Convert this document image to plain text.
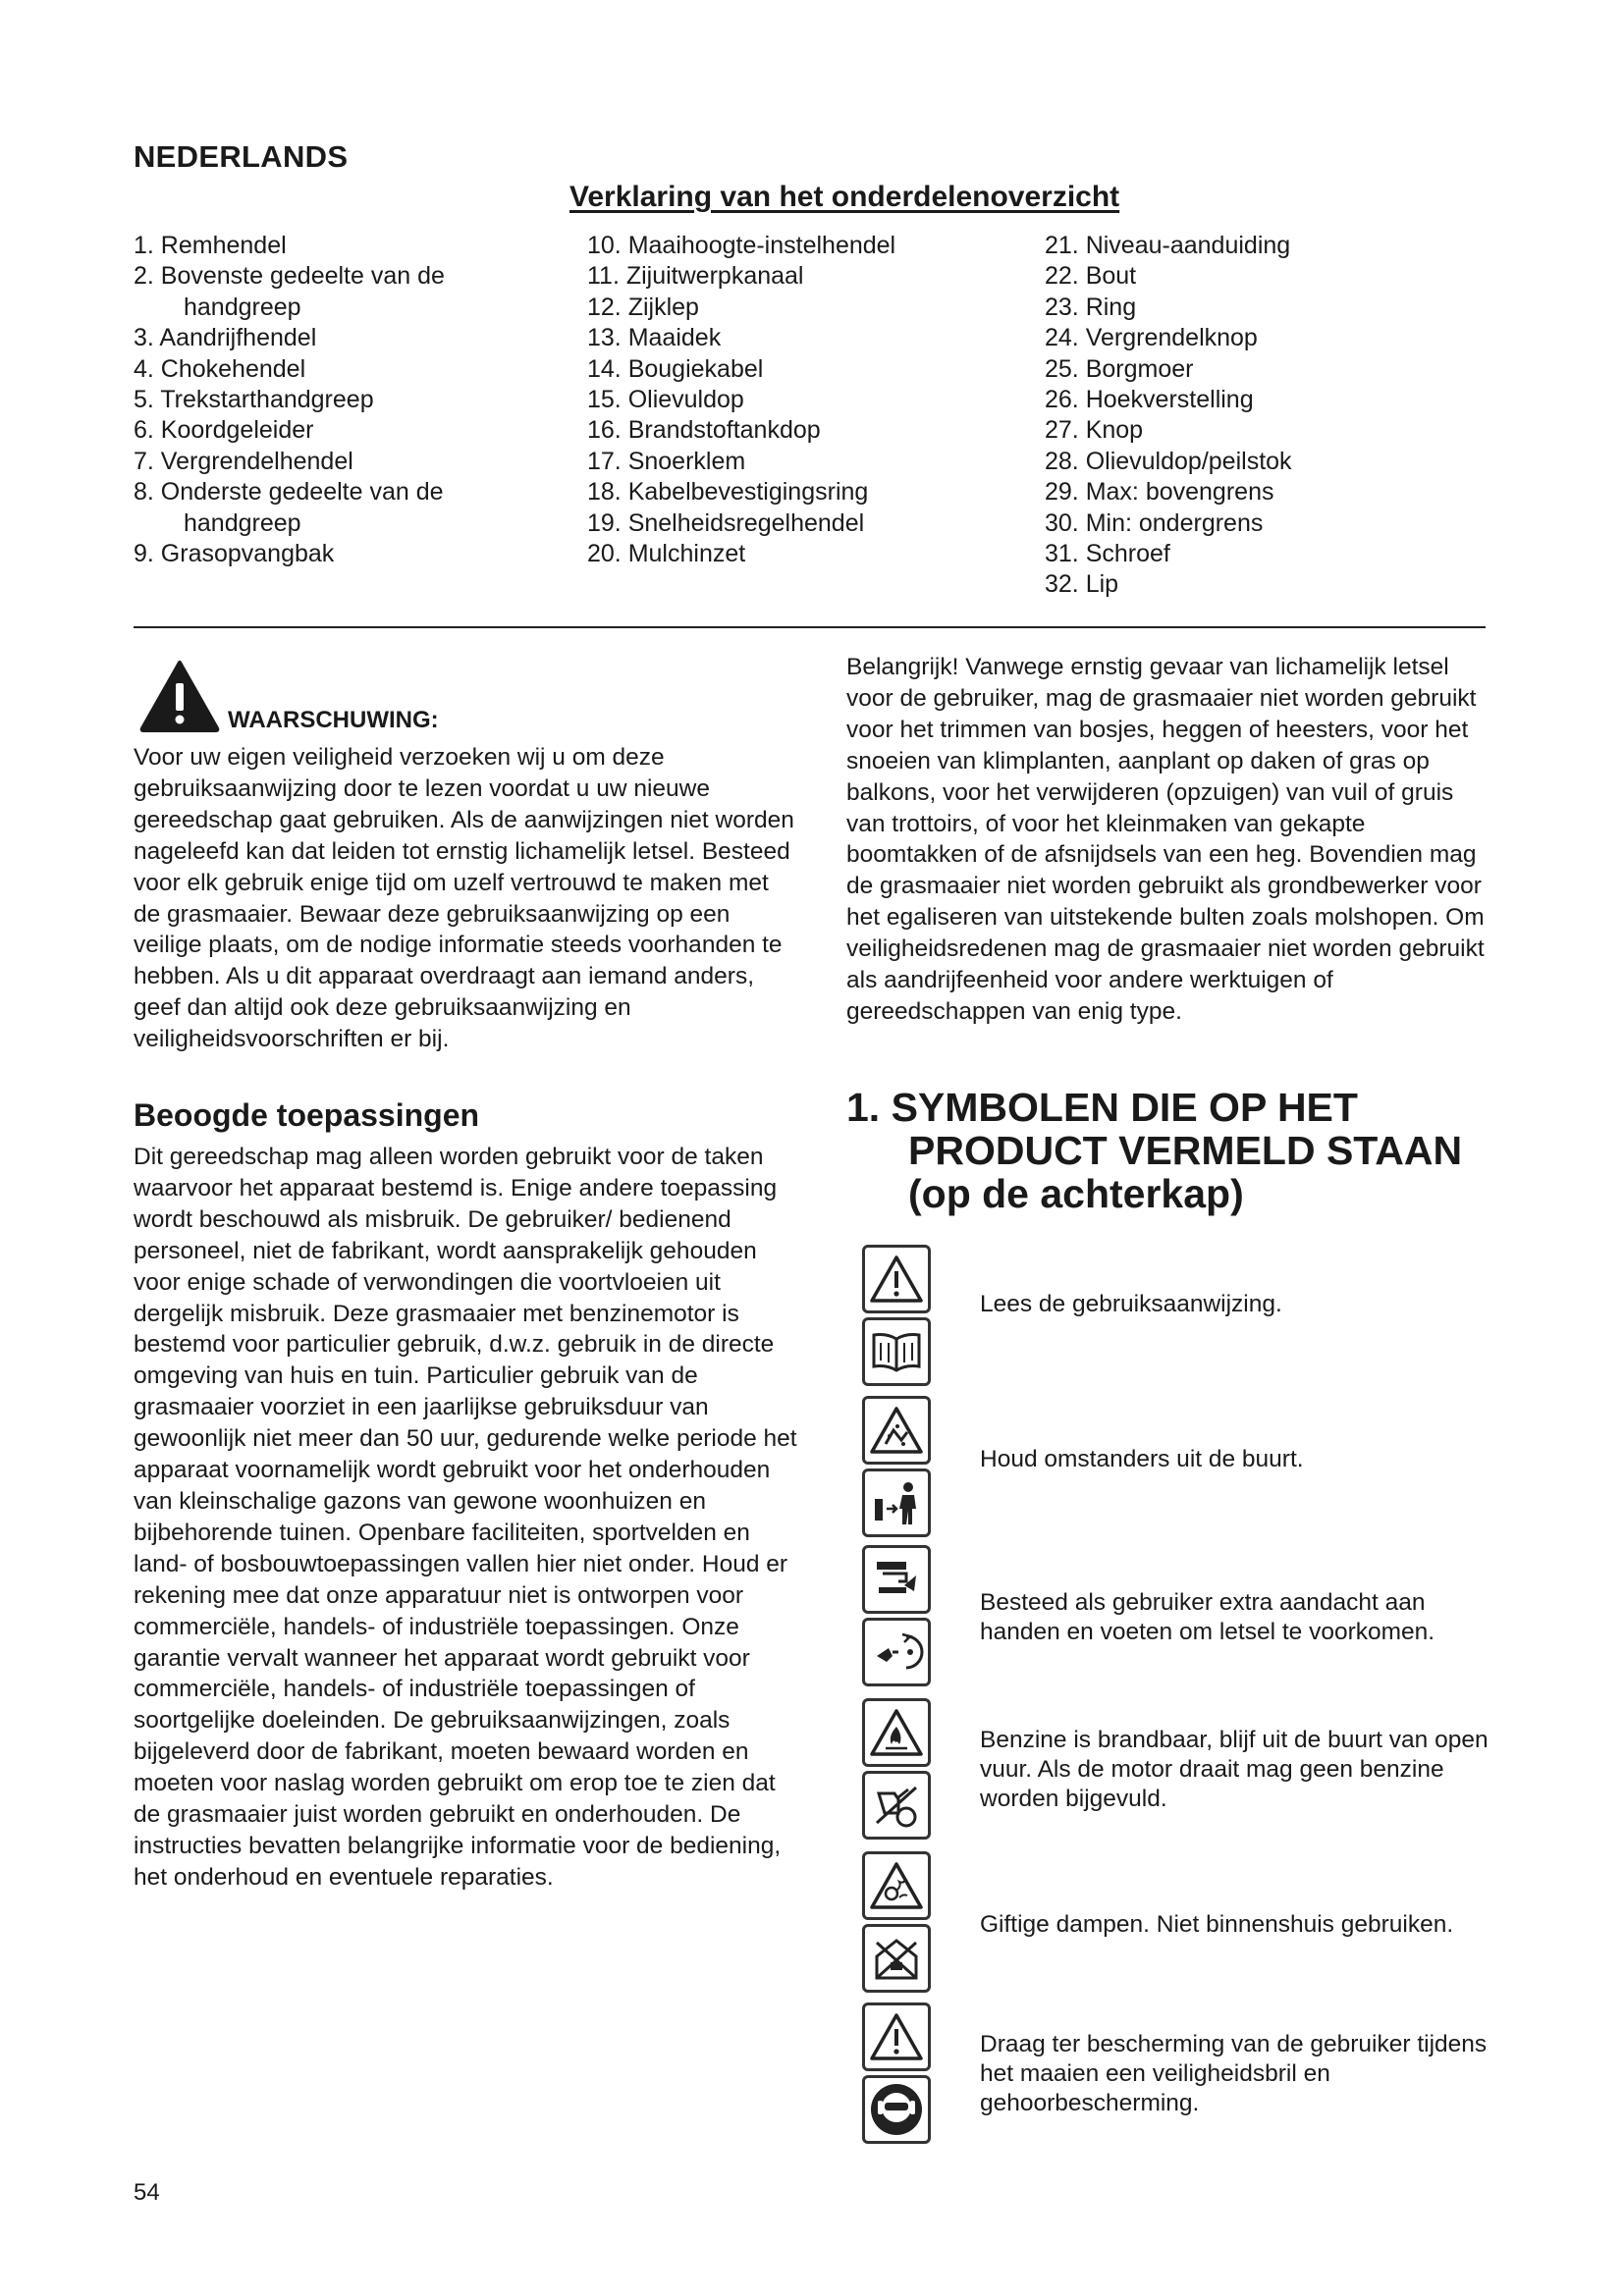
NEDERLANDS
Verklaring van het onderdelenoverzicht
1. Remhendel
2. Bovenste gedeelte van de
handgreep
3. Aandrijfhendel
4. Chokehendel
5. Trekstarthandgreep
6. Koordgeleider
7. Vergrendelhendel
8. Onderste gedeelte van de
handgreep
9. Grasopvangbak
10. Maaihoogte-instelhendel
11. Zijuitwerpkanaal
12. Zijklep
13. Maaidek
14. Bougiekabel
15. Olievuldop
16. Brandstoftankdop
17. Snoerklem
18. Kabelbevestigingsring
19. Snelheidsregelhendel
20. Mulchinzet
21. Niveau-aanduiding
22. Bout
23. Ring
24. Vergrendelknop
25. Borgmoer
26. Hoekverstelling
27. Knop
28. Olievuldop/peilstok
29. Max: bovengrens
30. Min: ondergrens
31. Schroef
32. Lip
WAARSCHUWING:
Voor uw eigen veiligheid verzoeken wij u om deze gebruiksaanwijzing door te lezen voordat u uw nieuwe gereedschap gaat gebruiken. Als de aanwijzingen niet worden nageleefd kan dat leiden tot ernstig lichamelijk letsel. Besteed voor elk gebruik enige tijd om uzelf vertrouwd te maken met de grasmaaier. Bewaar deze gebruiksaanwijzing op een veilige plaats, om de nodige informatie steeds voorhanden te hebben. Als u dit apparaat overdraagt aan iemand anders, geef dan altijd ook deze gebruiksaanwijzing en veiligheidsvoorschriften er bij.
Beoogde toepassingen
Dit gereedschap mag alleen worden gebruikt voor de taken waarvoor het apparaat bestemd is. Enige andere toepassing wordt beschouwd als misbruik. De gebruiker/ bedienend personeel, niet de fabrikant, wordt aansprakelijk gehouden voor enige schade of verwondingen die voortvloeien uit dergelijk misbruik. Deze grasmaaier met benzinemotor is bestemd voor particulier gebruik, d.w.z. gebruik in de directe omgeving van huis en tuin. Particulier gebruik van de grasmaaier voorziet in een jaarlijkse gebruiksduur van gewoonlijk niet meer dan 50 uur, gedurende welke periode het apparaat voornamelijk wordt gebruikt voor het onderhouden van kleinschalige gazons van gewone woonhuizen en bijbehorende tuinen. Openbare faciliteiten, sportvelden en land- of bosbouwtoepassingen vallen hier niet onder. Houd er rekening mee dat onze apparatuur niet is ontworpen voor commerciële, handels- of industriële toepassingen. Onze garantie vervalt wanneer het apparaat wordt gebruikt voor commerciële, handels- of industriële toepassingen of soortgelijke doeleinden. De gebruiksaanwijzingen, zoals bijgeleverd door de fabrikant, moeten bewaard worden en moeten voor naslag worden gebruikt om erop toe te zien dat de grasmaaier juist worden gebruikt en onderhouden. De instructies bevatten belangrijke informatie voor de bediening, het onderhoud en eventuele reparaties.
Belangrijk! Vanwege ernstig gevaar van lichamelijk letsel voor de gebruiker, mag de grasmaaier niet worden gebruikt voor het trimmen van bosjes, heggen of heesters, voor het snoeien van klimplanten, aanplant op daken of gras op balkons, voor het verwijderen (opzuigen) van vuil of gruis van trottoirs, of voor het kleinmaken van gekapte boomtakken of de afsnijdsels van een heg. Bovendien mag de grasmaaier niet worden gebruikt als grondbewerker voor het egaliseren van uitstekende bulten zoals molshopen. Om veiligheidsredenen mag de grasmaaier niet worden gebruikt als aandrijfeenheid voor andere werktuigen of gereedschappen van enig type.
1. SYMBOLEN DIE OP HET
PRODUCT VERMELD STAAN
(op de achterkap)
Lees de gebruiksaanwijzing.
Houd omstanders uit de buurt.
Besteed als gebruiker extra aandacht aan handen en voeten om letsel te voorkomen.
Benzine is brandbaar, blijf uit de buurt van open vuur. Als de motor draait mag geen benzine worden bijgevuld.
Giftige dampen. Niet binnenshuis gebruiken.
Draag ter bescherming van de gebruiker tijdens het maaien een veiligheidsbril en gehoorbescherming.
54
